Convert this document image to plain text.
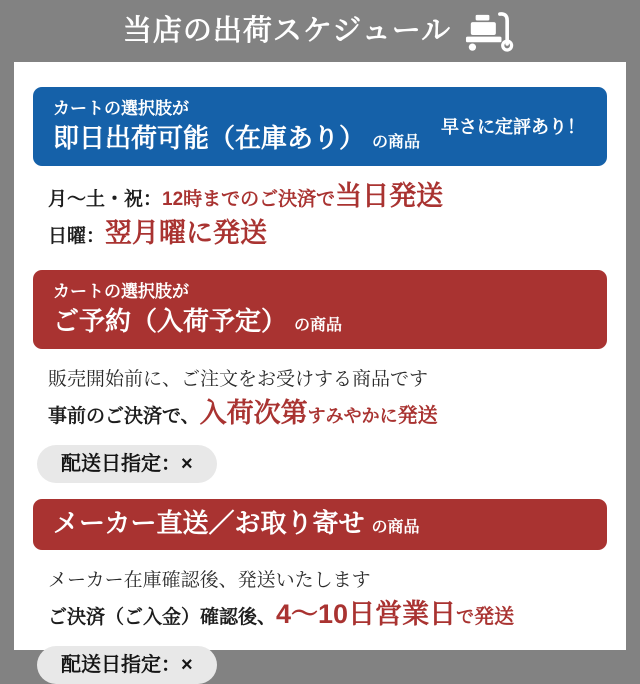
当店の出荷スケジュール
カートの選択肢が
即日出荷可能（在庫あり） の商品
早さに定評あり！
月〜土・祝：12時までのご決済で当日発送
日曜：翌月曜に発送
カートの選択肢が
ご予約（入荷予定） の商品
販売開始前に、ご注文をお受けする商品です
事前のご決済で、入荷次第すみやかに発送
配送日指定：×
メーカー直送／お取り寄せ の商品
メーカー在庫確認後、発送いたします
ご決済（ご入金）確認後、4〜10日営業日で発送
配送日指定：×
